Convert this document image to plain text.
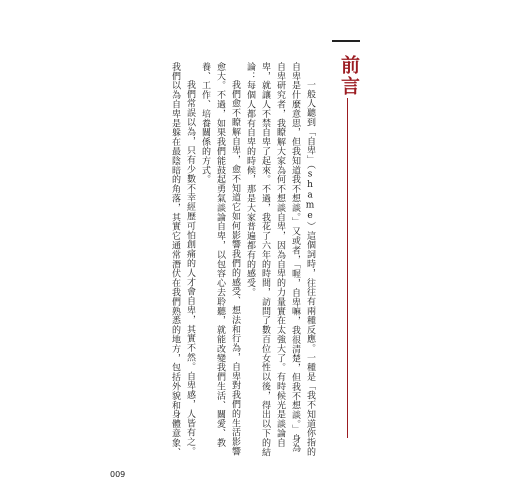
前言

一般人聽到「自卑」（shame）這個詞時，往往有兩種反應。一種是「我不知道你指的自卑是什麼意思，但我知道我不想談。」又或者，「喔，自卑嘛，我很清楚，但我不想談。」身為自卑研究者，我瞭解大家為何不想談自卑，因為自卑的力量實在太強大了。有時候光是談論自卑，就讓人不禁自卑了起來。不過，我花了六年的時間，訪問了數百位女性以後，得出以下的結論：每個人都有自卑的時候，那是大家普遍都有的感受。

我們愈不瞭解自卑，愈不知道它如何影響我們的感受、想法和行為，自卑對我們的生活影響愈大。不過，如果我們能鼓起勇氣談論自卑，以包容心去聆聽，就能改變我們生活、關愛、教養、工作、培養關係的方式。

我們常誤以為，只有少數不幸經歷可怕創痛的人才會自卑，其實不然。自卑感，人皆有之。我們以為自卑是躲在最陰暗的角落，其實它通常潛伏在我們熟悉的地方，包括外貌和身體意象、

009
